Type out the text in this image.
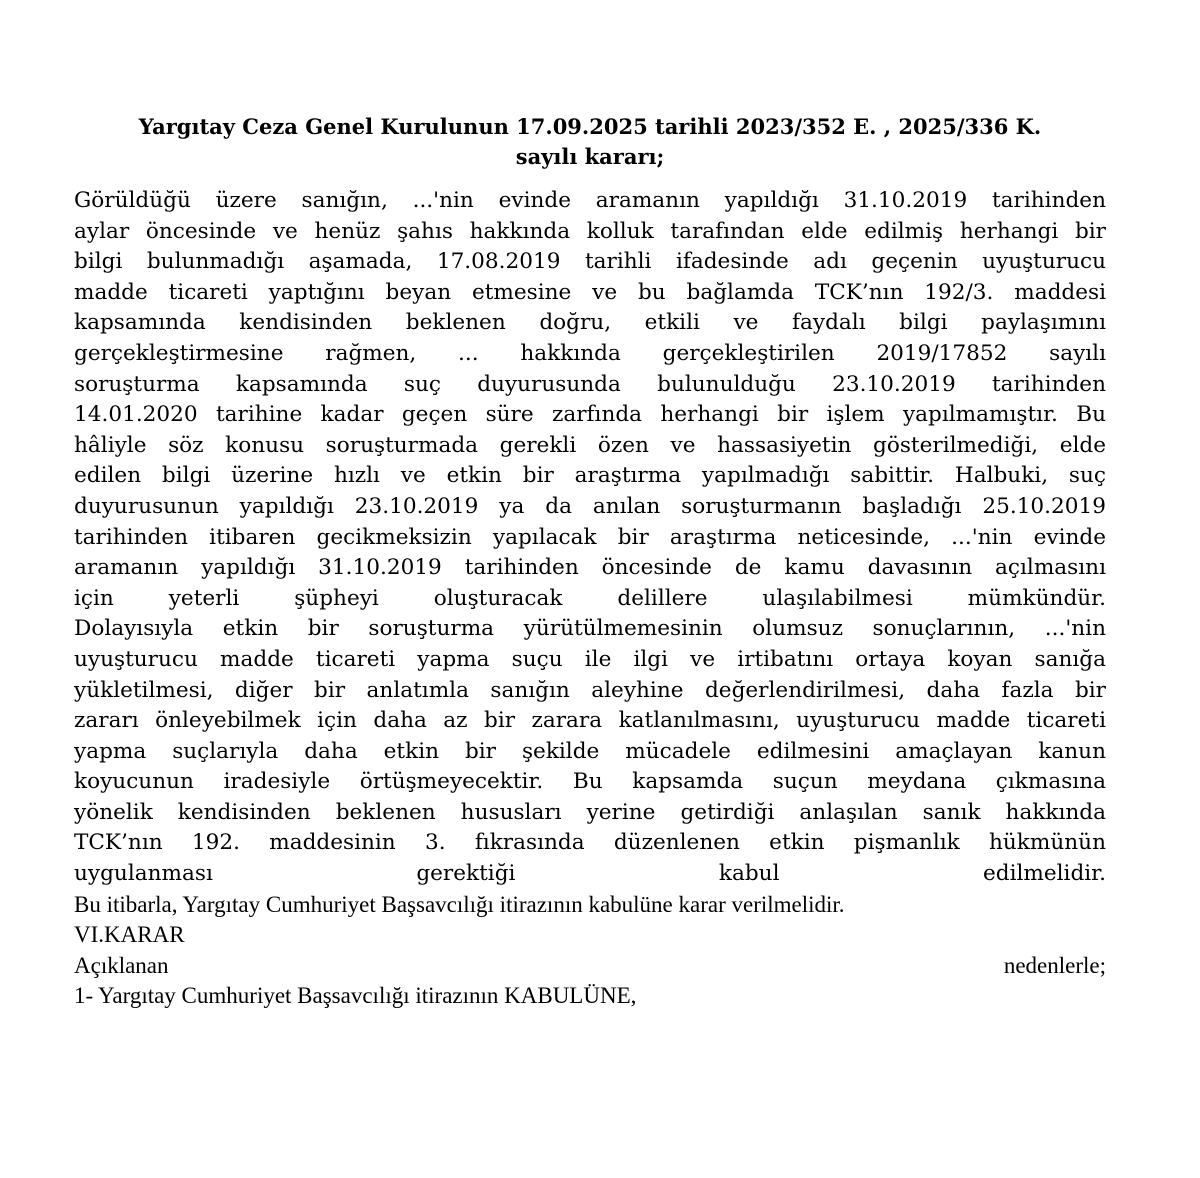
Yargıtay Ceza Genel Kurulunun 17.09.2025 tarihli 2023/352 E. , 2025/336 K.
sayılı kararı;
Görüldüğü üzere sanığın, ...'nin evinde aramanın yapıldığı 31.10.2019 tarihinden
aylar öncesinde ve henüz şahıs hakkında kolluk tarafından elde edilmiş herhangi bir
bilgi bulunmadığı aşamada, 17.08.2019 tarihli ifadesinde adı geçenin uyuşturucu
madde ticareti yaptığını beyan etmesine ve bu bağlamda TCK’nın 192/3. maddesi
kapsamında kendisinden beklenen doğru, etkili ve faydalı bilgi paylaşımını
gerçekleştirmesine rağmen, ... hakkında gerçekleştirilen 2019/17852 sayılı
soruşturma kapsamında suç duyurusunda bulunulduğu 23.10.2019 tarihinden
14.01.2020 tarihine kadar geçen süre zarfında herhangi bir işlem yapılmamıştır. Bu
hâliyle söz konusu soruşturmada gerekli özen ve hassasiyetin gösterilmediği, elde
edilen bilgi üzerine hızlı ve etkin bir araştırma yapılmadığı sabittir. Halbuki, suç
duyurusunun yapıldığı 23.10.2019 ya da anılan soruşturmanın başladığı 25.10.2019
tarihinden itibaren gecikmeksizin yapılacak bir araştırma neticesinde, ...'nin evinde
aramanın yapıldığı 31.10.2019 tarihinden öncesinde de kamu davasının açılmasını
için yeterli şüpheyi oluşturacak delillere ulaşılabilmesi mümkündür.
Dolayısıyla etkin bir soruşturma yürütülmemesinin olumsuz sonuçlarının, ...'nin
uyuşturucu madde ticareti yapma suçu ile ilgi ve irtibatını ortaya koyan sanığa
yükletilmesi, diğer bir anlatımla sanığın aleyhine değerlendirilmesi, daha fazla bir
zararı önleyebilmek için daha az bir zarara katlanılmasını, uyuşturucu madde ticareti
yapma suçlarıyla daha etkin bir şekilde mücadele edilmesini amaçlayan kanun
koyucunun iradesiyle örtüşmeyecektir. Bu kapsamda suçun meydana çıkmasına
yönelik kendisinden beklenen hususları yerine getirdiği anlaşılan sanık hakkında
TCK’nın 192. maddesinin 3. fıkrasında düzenlenen etkin pişmanlık hükmünün
uygulanması gerektiği kabul edilmelidir.
Bu itibarla, Yargıtay Cumhuriyet Başsavcılığı itirazının kabulüne karar verilmelidir.
VI.KARAR
Açıklanan nedenlerle;
1- Yargıtay Cumhuriyet Başsavcılığı itirazının KABULÜNE,
